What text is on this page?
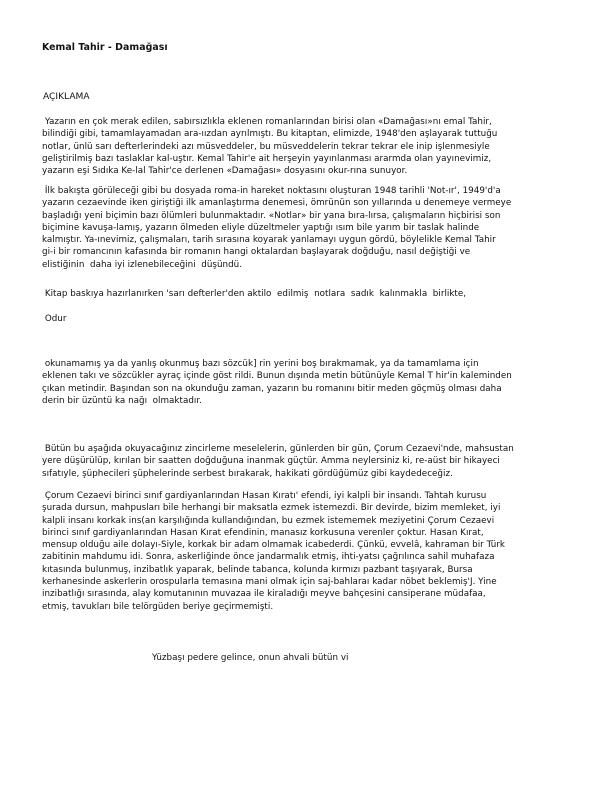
Kemal Tahir - Damağası
AÇIKLAMA

Yazarın en çok merak edilen, sabırsızlıkla eklenen romanlarından birisi olan «Damağası»nı emal Tahir,
bilindiği gibi, tamamlayamadan ara-ıızdan ayrılmıştı. Bu kitaptan, elimizde, 1948'den aşlayarak tuttuğu
notlar, ünlü sarı defterlerindeki azı müsveddeler, bu müsveddelerin tekrar tekrar ele inip işlenmesiyle
geliştirilmiş bazı taslaklar kal-uştır. Kemal Tahir'e ait herşeyin yayınlanması ararmda olan yayınevimiz,
yazarın eşi Sıdıka Ke-lal Tahir'ce derlenen «Damağası» dosyasını okur-rına sunuyor.

İlk bakışta görüleceği gibi bu dosyada roma-in hareket noktasını oluşturan 1948 tarihli 'Not-ır', 1949'd'a
yazarın cezaevinde iken giriştiği ilk amanlaştırma denemesi, ömrünün son yıllarında u denemeye vermeye
başladığı yeni biçimin bazı ölümleri bulunmaktadır. «Notlar» bir yana bıra-lırsa, çalışmaların hiçbirisi son
biçimine kavuşa-lamış, yazarın ölmeden eliyle düzeltmeler yaptığı ısım bile yarım bir taslak halinde
kalmıştır. Ya-ınevimiz, çalışmaları, tarih sırasına koyarak yanlamayı uygun gördü, böylelikle Kemal Tahir
gi-i bir romancının kafasında bir romanın hangi oktalardan başlayarak doğduğu, nasıl değiştiği ve
elistiğinin  daha iyi izlenebileceğini  düşündü.

Kitap baskıya hazırlanırken 'sarı defterler'den aktilo  edilmiş  notlara  sadık  kalınmakla  birlikte,

Odur

okunamamış ya da yanlış okunmuş bazı sözcük] rin yerini boş bırakmamak, ya da tamamlama için
eklenen takı ve sözcükler ayraç içinde göst rildi. Bunun dışında metin bütünüyle Kemal T hir'in kaleminden
çıkan metindir. Başından son na okunduğu zaman, yazarın bu romanını bitir meden göçmüş olması daha
derin bir üzüntü ka nağı  olmaktadır.

Bütün bu aşağıda okuyacağınız zincirleme meselelerin, günlerden bir gün, Çorum Cezaevi'nde, mahsustan
yere düşürülüp, kırılan bir saatten doğduğuna inanmak güçtür. Amma neylersiniz ki, re-aüst bir hikayeci
sıfatıyle, şüphecileri şüphelerinde serbest bırakarak, hakikati gördüğümüz gibi kaydedeceğiz.

Çorum Cezaevi birinci sınıf gardiyanlarından Hasan Kıratı' efendi, iyi kalpli bir insandı. Tahtah kurusu
şurada dursun, mahpusları bile herhangi bir maksatla ezmek istemezdi. Bir devirde, bizim memleket, iyi
kalpli insanı korkak ins(an karşılığında kullandığından, bu ezmek istememek meziyetini Çorum Cezaevi
birinci sınıf gardiyanlarından Hasan Kırat efendinin, manasız korkusuna verenler çoktur. Hasan Kırat,
mensup olduğu aile dolayı-Siyle, korkak bir adam olmamak icabederdi. Çünkü, evvelâ, kahraman bir Türk
zabitinin mahdumu idi. Sonra, askerliğinde önce jandarmalık etmiş, ihti-yatsı çağrılınca sahil muhafaza
kıtasında bulunmuş, inzibatlık yaparak, belinde tabanca, kolunda kırmızı pazbant taşıyarak, Bursa
kerhanesinde askerlerin orospularla temasına mani olmak için saj-bahlaraı kadar nöbet beklemiş'J. Yine
inzibatlığı sırasında, alay komutanının muvazaa ile kiraladığı meyve bahçesini cansiperane müdafaa,
etmiş, tavukları bile telörgüden beriye geçirmemişti.

Yüzbaşı pedere gelince, onun ahvali bütün vi
